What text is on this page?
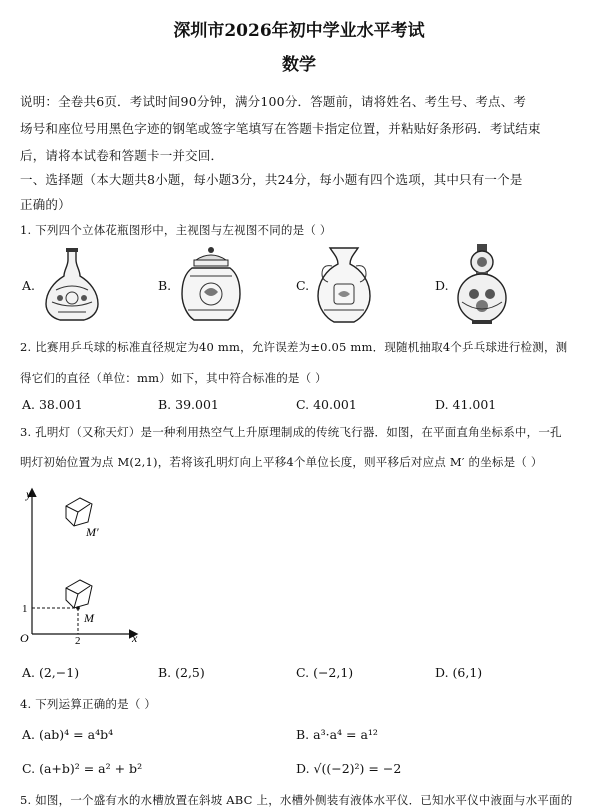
深圳市2026年初中学业水平考试
数学
说明：全卷共6页．考试时间90分钟，满分100分．答题前，请将姓名、考生号、考点、考
场号和座位号用黑色字迹的钢笔或签字笔填写在答题卡指定位置，并粘贴好条形码．考试结束
后，请将本试卷和答题卡一并交回．
一、选择题（本大题共8小题，每小题3分，共24分，每小题有四个选项，其中只有一个是
正确的）
1. 下列四个立体花瓶图形中，主视图与左视图不同的是（ ）
A.	B.	C.	D.
2. 比赛用乒乓球的标准直径规定为40 mm，允许误差为±0.05 mm．现随机抽取4个乒乓球进行检测，测
得它们的直径（单位：mm）如下，其中符合标准的是（ ）
A. 38.001	B. 39.001	C. 40.001	D. 41.001
3. 孔明灯（又称天灯）是一种利用热空气上升原理制成的传统飞行器．如图，在平面直角坐标系中，一孔
明灯初始位置为点 M(2,1)，若将该孔明灯向上平移4个单位长度，则平移后对应点 M′ 的坐标是（ ）
y
x
O
1
2
M
M′
A. (2,−1)	B. (2,5)	C. (−2,1)	D. (6,1)
4. 下列运算正确的是（ ）
A. (ab)⁴ = a⁴b⁴	B. a³·a⁴ = a¹²
C. (a+b)² = a² + b²	D. √((−2)²) = −2
5. 如图，一个盛有水的水槽放置在斜坡 ABC 上，水槽外侧装有液体水平仪．已知水平仪中液面与水平面的
